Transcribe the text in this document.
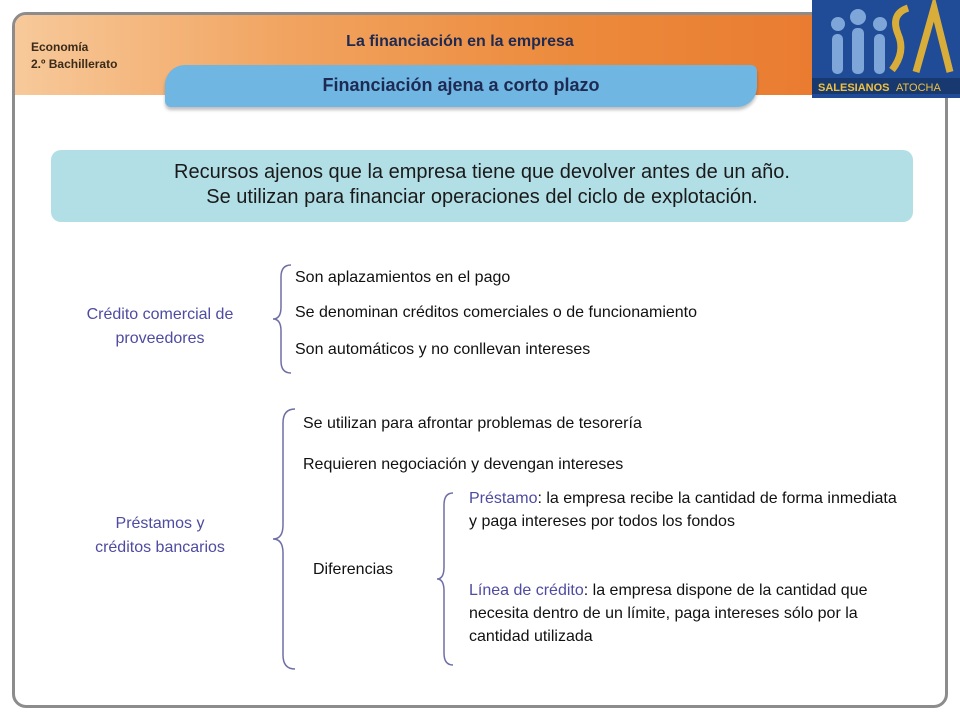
Economía
2.º Bachillerato
La financiación en la empresa
Financiación ajena a corto plazo
Recursos ajenos que la empresa tiene que devolver antes de un año.
Se utilizan para financiar operaciones del ciclo de explotación.
Crédito comercial de
proveedores
Son aplazamientos en el pago
Se denominan créditos comerciales o de funcionamiento
Son automáticos y no conllevan intereses
Préstamos y
créditos bancarios
Se utilizan para afrontar problemas de tesorería
Requieren negociación y devengan intereses
Diferencias
Préstamo: la empresa recibe la cantidad de forma inmediata y paga intereses por todos los fondos
Línea de crédito: la empresa dispone de la cantidad que necesita dentro de un límite, paga intereses sólo por la cantidad utilizada
SALESIANOS ATOCHA
